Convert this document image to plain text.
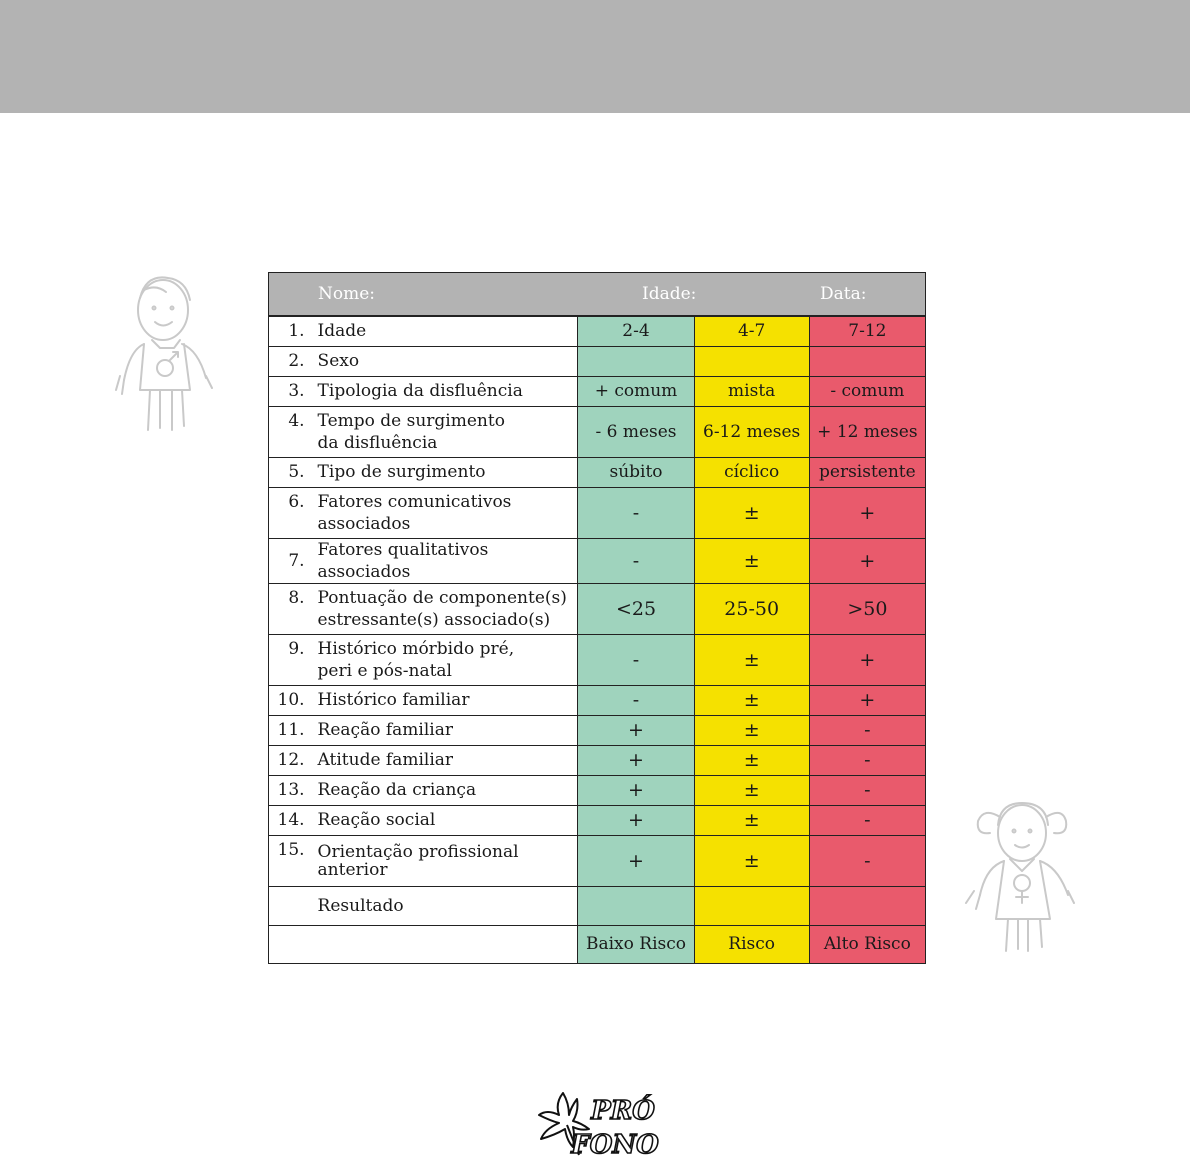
Nome: Idade: Data:				

1.	Idade	2-4	4-7	7-12
2.	Sexo			
3.	Tipologia da disfluência	+ comum	mista	- comum
4.	Tempo de surgimento
da disfluência	- 6 meses	6-12 meses	+ 12 meses
5.	Tipo de surgimento	súbito	cíclico	persistente
6.	Fatores comunicativos
associados	-	±	+
7.	Fatores qualitativos associados	-	±	+
8.	Pontuação de componente(s)
estressante(s) associado(s)	<25	25-50	>50
9.	Histórico mórbido pré,
peri e pós-natal	-	±	+
10.	Histórico familiar	-	±	+
11.	Reação familiar	+	±	-
12.	Atitude familiar	+	±	-
13.	Reação da criança	+	±	-
14.	Reação social	+	±	-
15.	Orientação profissional
anterior	+	±	-
	Resultado			
		Baixo Risco	Risco	Alto Risco
PRÓ
FONO
